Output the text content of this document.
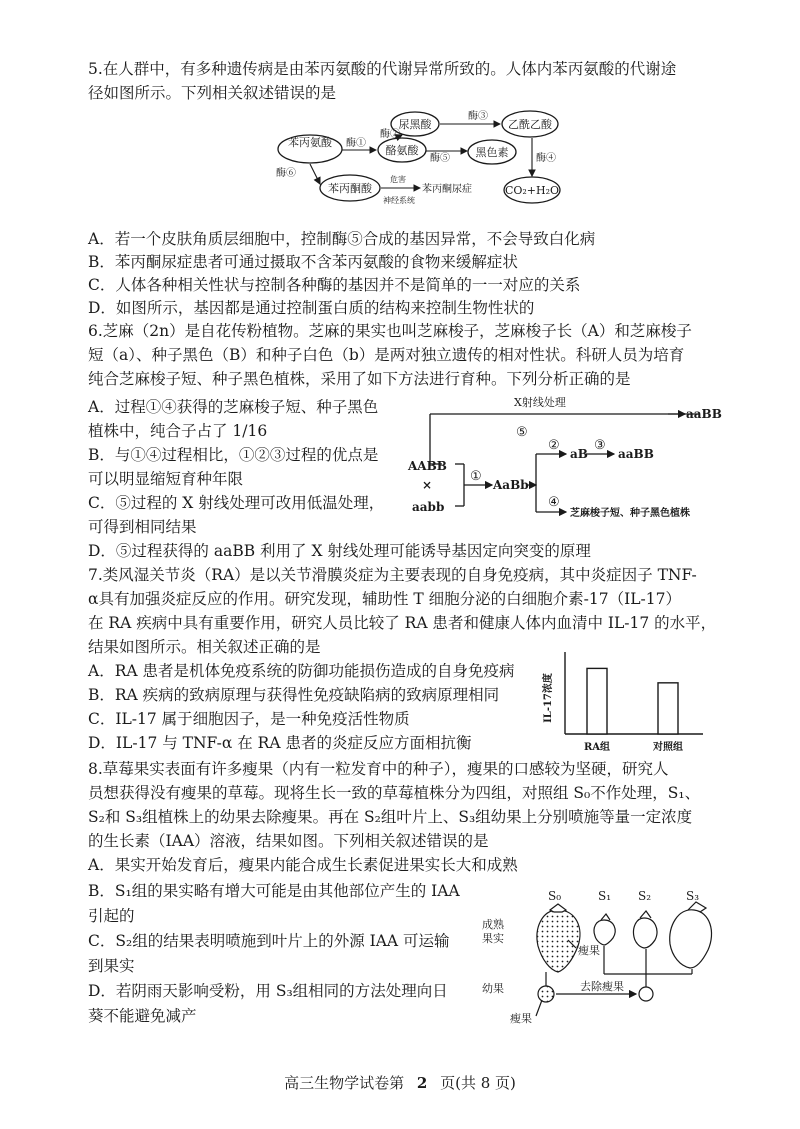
5.在人群中，有多种遗传病是由苯丙氨酸的代谢异常所致的。人体内苯丙氨酸的代谢途
径如图所示。下列相关叙述错误的是
苯丙氨酸
酪氨酸
尿黑酸	乙酰乙酸
黑色素
苯丙酮酸	CO₂+H₂O
苯丙酮尿症
酶①
酶②
酶③
酶④
酶⑤
酶⑥
危害
神经系统
A．若一个皮肤角质层细胞中，控制酶⑤合成的基因异常，不会导致白化病
B．苯丙酮尿症患者可通过摄取不含苯丙氨酸的食物来缓解症状
C．人体各种相关性状与控制各种酶的基因并不是简单的一一对应的关系
D．如图所示，基因都是通过控制蛋白质的结构来控制生物性状的
6.芝麻（2n）是自花传粉植物。芝麻的果实也叫芝麻梭子，芝麻梭子长（A）和芝麻梭子
短（a）、种子黑色（B）和种子白色（b）是两对独立遗传的相对性状。科研人员为培育
纯合芝麻梭子短、种子黑色植株，采用了如下方法进行育种。下列分析正确的是
A．过程①④获得的芝麻梭子短、种子黑色
植株中，纯合子占了 1/16
B．与①④过程相比，①②③过程的优点是
可以明显缩短育种年限
C．⑤过程的 X 射线处理可改用低温处理，
可得到相同结果
D．⑤过程获得的 aaBB 利用了 X 射线处理可能诱导基因定向突变的原理
AABB
×
aabb
AaBb
aB	aaBB
aaBB
X射线处理
⑤
①
②	③
④
芝麻梭子短、种子黑色植株
7.类风湿关节炎（RA）是以关节滑膜炎症为主要表现的自身免疫病，其中炎症因子 TNF-
α具有加强炎症反应的作用。研究发现，辅助性 T 细胞分泌的白细胞介素-17（IL-17）
在 RA 疾病中具有重要作用，研究人员比较了 RA 患者和健康人体内血清中 IL-17 的水平，
结果如图所示。相关叙述正确的是
A．RA 患者是机体免疫系统的防御功能损伤造成的自身免疫病
B．RA 疾病的致病原理与获得性免疫缺陷病的致病原理相同
C．IL-17 属于细胞因子，是一种免疫活性物质
D．IL-17 与 TNF-α 在 RA 患者的炎症反应方面相抗衡
IL-17浓度
RA组	对照组
8.草莓果实表面有许多瘦果（内有一粒发育中的种子），瘦果的口感较为坚硬，研究人
员想获得没有瘦果的草莓。现将生长一致的草莓植株分为四组，对照组 S₀不作处理，S₁、
S₂和 S₃组植株上的幼果去除瘦果。再在 S₂组叶片上、S₃组幼果上分别喷施等量一定浓度
的生长素（IAA）溶液，结果如图。下列相关叙述错误的是
A．果实开始发育后，瘦果内能合成生长素促进果实长大和成熟
B．S₁组的果实略有增大可能是由其他部位产生的 IAA
引起的
C．S₂组的结果表明喷施到叶片上的外源 IAA 可运输
到果实
D．若阴雨天影响受粉，用 S₃组相同的方法处理向日
葵不能避免减产
S₀	S₁ S₂	S₃
成熟
果实
幼果
瘦果
瘦果
去除瘦果
高三生物学试卷第 2 页(共 8 页)
